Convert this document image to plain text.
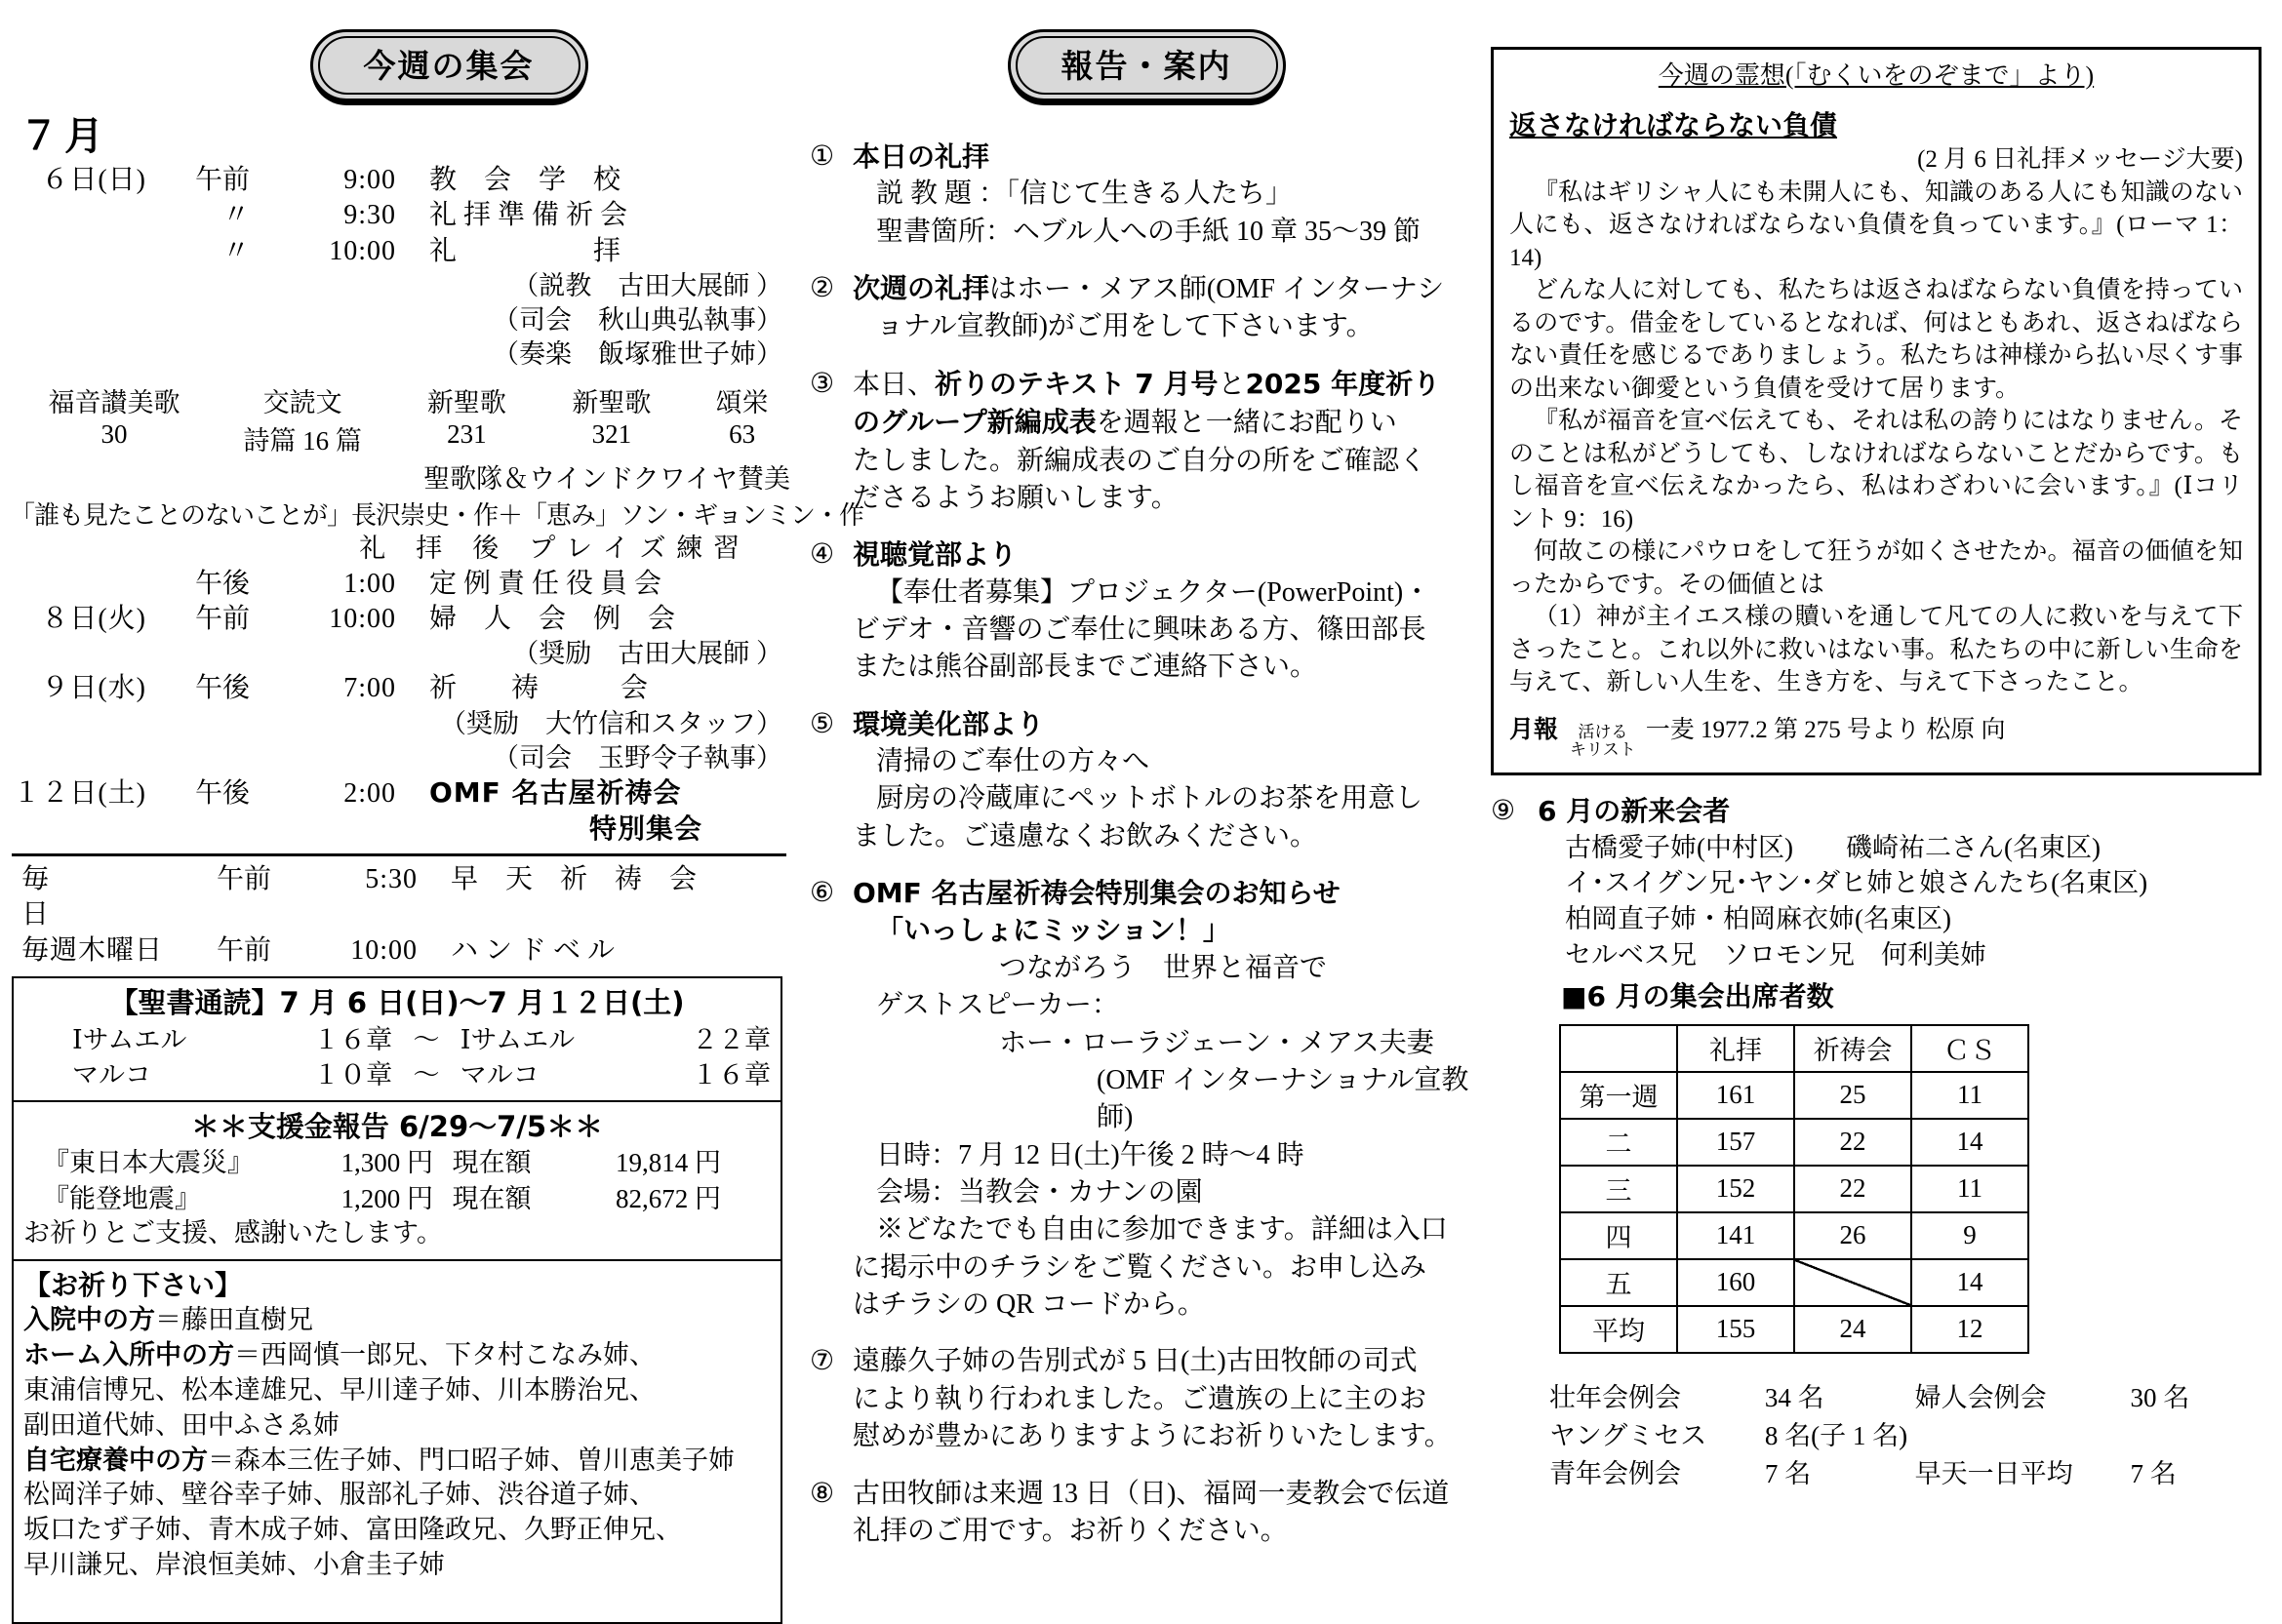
今週の集会
７月
６日(日)	午前	9:00	教　会　学　校
〃	9:30	礼 拝 準 備 祈 会
〃	10:00	礼　　　　　拝
（説教　古田大展師 ）
（司会　秋山典弘執事）
（奏楽　飯塚雅世子姉）
福音讃美歌	交読文	新聖歌	新聖歌	頌栄
30	詩篇 16 篇	231	321	63
聖歌隊＆ウインドクワイヤ賛美
「誰も見たことのないことが」長沢崇史・作＋「恵み」ソン・ギョンミン・作
礼　拝　後　プ レ イ ズ 練 習
午後	1:00	定 例 責 任 役 員 会
８日(火)	午前	10:00	婦　人　会　例　会
（奨励　古田大展師 ）
９日(水)	午後	7:00	祈　　祷　　　会
（奨励　大竹信和スタッフ）
（司会　玉野令子執事）
１２日(土)	午後	2:00	OMF 名古屋祈祷会
特別集会
毎　　　日
午前	5:30	早　天　祈　祷　会
毎週木曜日	午前	10:00	ハ ン ド ベ ル
【聖書通読】7 月 6 日(日)〜7 月１２日(土)
Ⅰサムエル	１６章 〜 Ⅰサムエル	２２章
マルコ	１０章 〜 マルコ	１６章
＊＊支援金報告 6/29〜7/5＊＊
『東日本大震災』	1,300 円 現在額	19,814 円
『能登地震』	1,200 円 現在額	82,672 円
お祈りとご支援、感謝いたします。
【お祈り下さい】
入院中の方＝藤田直樹兄
ホーム入所中の方＝西岡慎一郎兄、下タ村こなみ姉、
東浦信博兄、松本達雄兄、早川達子姉、川本勝治兄、
副田道代姉、田中ふさゑ姉
自宅療養中の方＝森本三佐子姉、門口昭子姉、曽川恵美子姉
松岡洋子姉、壁谷幸子姉、服部礼子姉、渋谷道子姉、
坂口たず子姉、青木成子姉、富田隆政兄、久野正伸兄、
早川謙兄、岸浪恒美姉、小倉圭子姉
報告・案内
① 本日の礼拝

説 教 題 ：「信じて生きる人たち」

聖書箇所：ヘブル人への手紙 10 章 35〜39 節

② 次週の礼拝はホー・メアス師(OMF インターナシ

ョナル宣教師)がご用をして下さいます。

③ 本日、祈りのテキスト 7 月号と2025 年度祈り

のグループ新編成表を週報と一緒にお配りい

たしました。新編成表のご自分の所をご確認く

ださるようお願いします。

④ 視聴覚部より

【奉仕者募集】プロジェクター(PowerPoint)・

ビデオ・音響のご奉仕に興味ある方、篠田部長

または熊谷副部長までご連絡下さい。

⑤ 環境美化部より

清掃のご奉仕の方々へ

厨房の冷蔵庫にペットボトルのお茶を用意し

ました。ご遠慮なくお飲みください。

⑥ OMF 名古屋祈祷会特別集会のお知らせ

「いっしょにミッション！」

つながろう　世界と福音で

ゲストスピーカー：

ホー・ローラジェーン・メアス夫妻

(OMF インターナショナル宣教師)

日時：7 月 12 日(土)午後 2 時〜4 時

会場：当教会・カナンの園

※どなたでも自由に参加できます。詳細は入口

に掲示中のチラシをご覧ください。お申し込み

はチラシの QR コードから。

⑦ 遠藤久子姉の告別式が 5 日(土)古田牧師の司式

により執り行われました。ご遺族の上に主のお

慰めが豊かにありますようにお祈りいたします。

⑧ 古田牧師は来週 13 日（日)、福岡一麦教会で伝道

礼拝のご用です。お祈りください。

今週の霊想(「むくいをのぞまで」より)
返さなければならない負債
(2 月 6 日礼拝メッセージ大要)

『私はギリシャ人にも未開人にも、知識のある人にも知識のない人にも、返さなければならない負債を負っています。』(ローマ 1：14)

どんな人に対しても、私たちは返さねばならない負債を持っているのです。借金をしているとなれば、何はともあれ、返さねばならない責任を感じるでありましょう。私たちは神様から払い尽くす事の出来ない御愛という負債を受けて居ります。

『私が福音を宣べ伝えても、それは私の誇りにはなりません。そのことは私がどうしても、しなければならないことだからです。もし福音を宣べ伝えなかったら、私はわざわいに会います。』(Ⅰコリント 9：16)

何故この様にパウロをして狂うが如くさせたか。福音の価値を知ったからです。その価値とは

（1）神が主イエス様の贖いを通して凡ての人に救いを与えて下さったこと。これ以外に救いはない事。私たちの中に新しい生命を与えて、新しい人生を、生き方を、与えて下さったこと。

月報	活ける
キリスト
一麦 1977.2 第 275 号より 松原 向
⑨ 6 月の新来会者
古橋愛子姉(中村区)　　磯崎祐二さん(名東区)
イ･スイグン兄･ヤン･ダヒ姉と娘さんたち(名東区)
柏岡直子姉・柏岡麻衣姉(名東区)
セルベス兄　ソロモン兄　何利美姉
■6 月の集会出席者数
	礼拝	祈祷会	ＣＳ
第一週	161	25	11
二	157	22	14
三	152	22	11
四	141	26	9
五	160		14
平均	155	24	12
壮年会例会	34 名	婦人会例会	30 名
ヤングミセス	8 名(子 1 名)
青年会例会	7 名	早天一日平均	7 名
